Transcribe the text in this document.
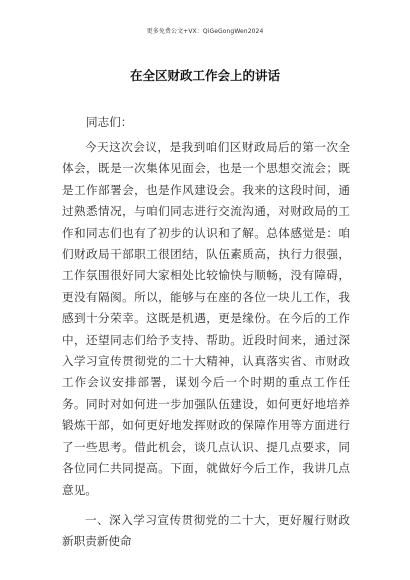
更多免费公文+VX：QiGeGongWen2024
在全区财政工作会上的讲话
同志们：
今天这次会议，是我到咱们区财政局后的第一次全体会，既是一次集体见面会，也是一个思想交流会；既是工作部署会，也是作风建设会。我来的这段时间，通过熟悉情况，与咱们同志进行交流沟通，对财政局的工作和同志们也有了初步的认识和了解。总体感觉是：咱们财政局干部职工很团结，队伍素质高，执行力很强，工作氛围很好同大家相处比较愉快与顺畅，没有障碍，更没有隔阂。所以，能够与在座的各位一块儿工作，我感到十分荣幸。这既是机遇，更是缘份。在今后的工作中，还望同志们给予支持、帮助。近段时间来，通过深入学习宣传贯彻党的二十大精神，认真落实省、市财政工作会议安排部署，谋划今后一个时期的重点工作任务。同时对如何进一步加强队伍建设，如何更好地培养锻炼干部，如何更好地发挥财政的保障作用等方面进行了一些思考。借此机会，谈几点认识、提几点要求，同各位同仁共同提高。下面，就做好今后工作，我讲几点意见。
一、深入学习宣传贯彻党的二十大，更好履行财政新职责新使命
